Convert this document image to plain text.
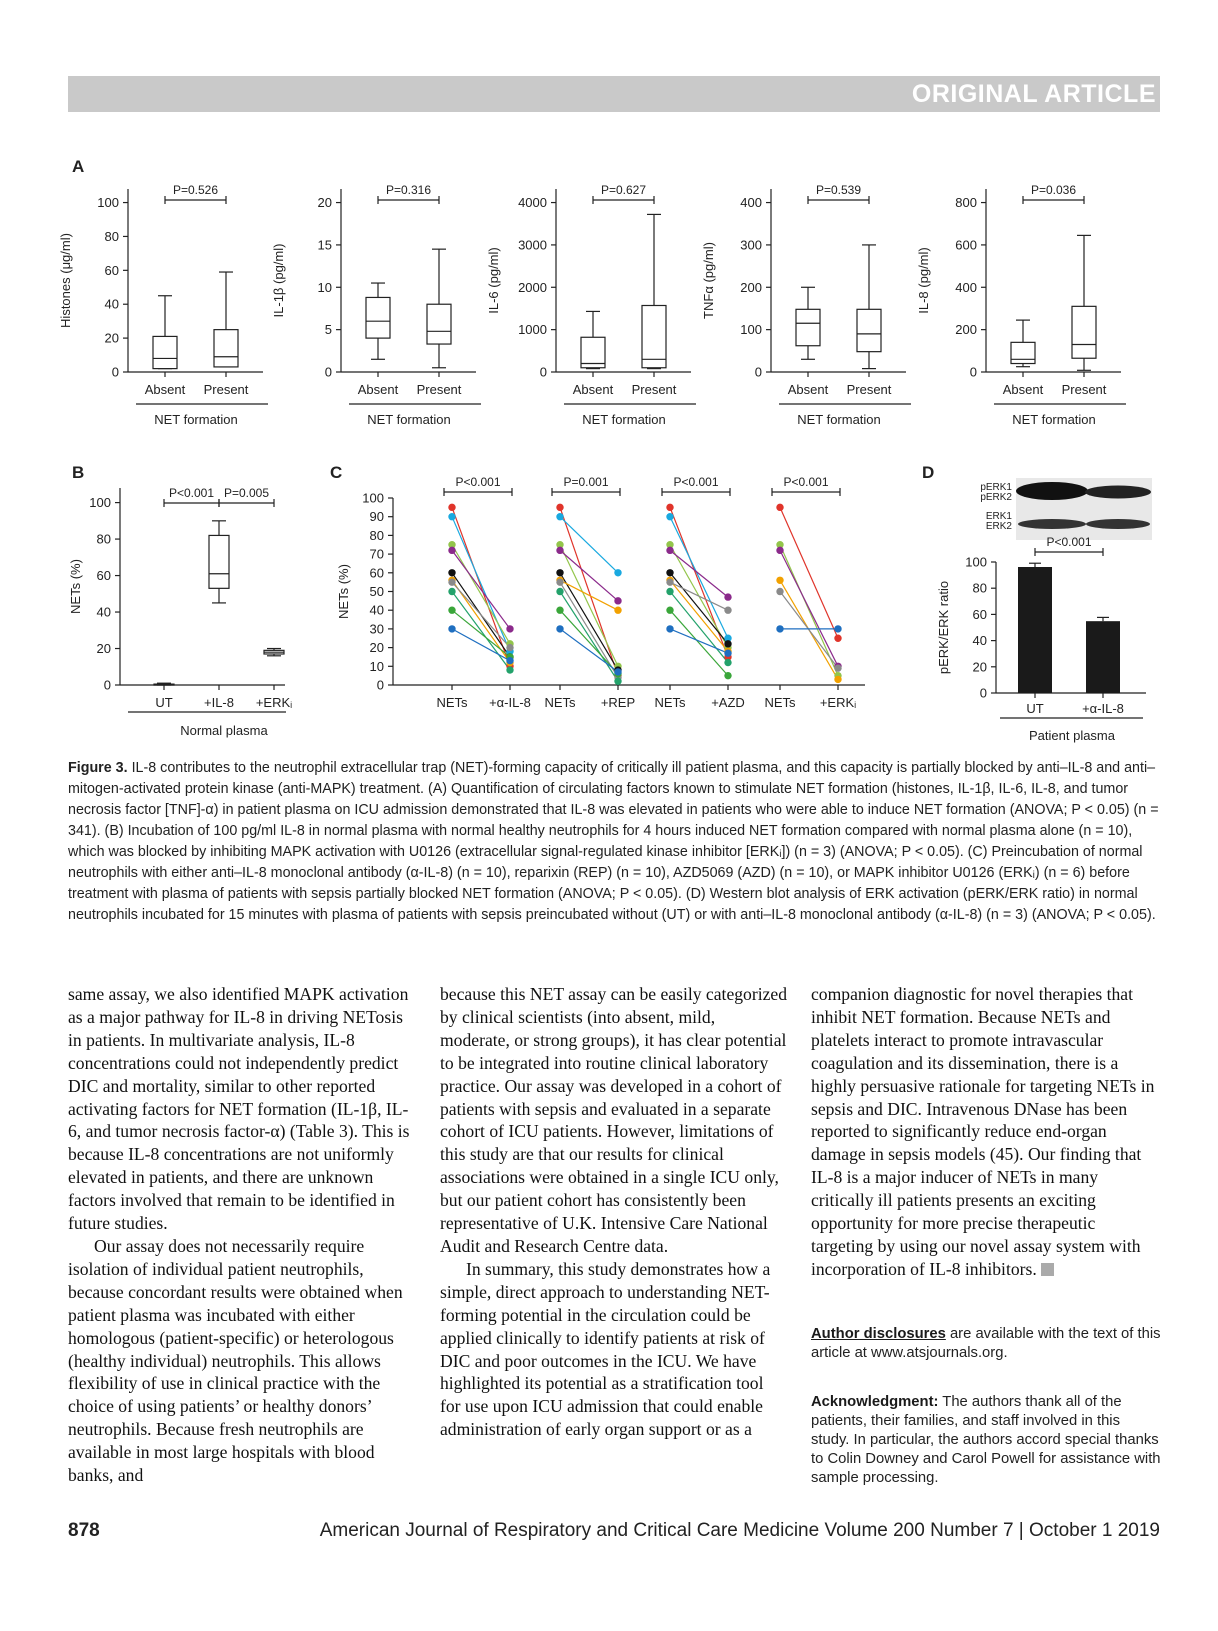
ORIGINAL ARTICLE
A
B	C	D
0
20
40
60
80
100
Histones (μg/ml)
Absent Present
P=0.526
NET formation
0
5
10
15
20
IL-1β (pg/ml)
Absent Present
P=0.316
NET formation
0
1000
2000
3000
4000
IL-6 (pg/ml)
Absent Present
P=0.627
NET formation
0
100
200
300
400
TNFα (pg/ml)
Absent Present
P=0.539
NET formation
0
200
400
600
800
IL-8 (pg/ml)
Absent Present
P=0.036
NET formation
0
20
40
60
80
100
NETs (%)
UT +IL-8 +ERKᵢ
P<0.001 P=0.005
Normal plasma
0
10
20
30
40
50
60
70
80
90
100
NETs (%)
NETs +α-IL-8 NETs +REP NETs +AZD NETs +ERKᵢ
P<0.001	P=0.001	P<0.001	P<0.001	pERK1
pERK2
ERK1
ERK2
0
20
40
60
80
100
pERK/ERK ratio
UT	+α-IL-8
P<0.001
Patient plasma
Figure 3. IL-8 contributes to the neutrophil extracellular trap (NET)-forming capacity of critically ill patient plasma, and this capacity is partially blocked by anti–IL-8 and anti–mitogen-activated protein kinase (anti-MAPK) treatment. (A) Quantification of circulating factors known to stimulate NET formation (histones, IL-1β, IL-6, IL-8, and tumor necrosis factor [TNF]-α) in patient plasma on ICU admission demonstrated that IL-8 was elevated in patients who were able to induce NET formation (ANOVA; P < 0.05) (n = 341). (B) Incubation of 100 pg/ml IL-8 in normal plasma with normal healthy neutrophils for 4 hours induced NET formation compared with normal plasma alone (n = 10), which was blocked by inhibiting MAPK activation with U0126 (extracellular signal-regulated kinase inhibitor [ERKᵢ]) (n = 3) (ANOVA; P < 0.05). (C) Preincubation of normal neutrophils with either anti–IL-8 monoclonal antibody (α-IL-8) (n = 10), reparixin (REP) (n = 10), AZD5069 (AZD) (n = 10), or MAPK inhibitor U0126 (ERKᵢ) (n = 6) before treatment with plasma of patients with sepsis partially blocked NET formation (ANOVA; P < 0.05). (D) Western blot analysis of ERK activation (pERK/ERK ratio) in normal neutrophils incubated for 15 minutes with plasma of patients with sepsis preincubated without (UT) or with anti–IL-8 monoclonal antibody (α-IL-8) (n = 3) (ANOVA; P < 0.05).

same assay, we also identified MAPK activation as a major pathway for IL-8 in driving NETosis in patients. In multivariate analysis, IL-8 concentrations could not independently predict DIC and mortality, similar to other reported activating factors for NET formation (IL-1β, IL-6, and tumor necrosis factor-α) (Table 3). This is because IL-8 concentrations are not uniformly elevated in patients, and there are unknown factors involved that remain to be identified in future studies.

Our assay does not necessarily require isolation of individual patient neutrophils, because concordant results were obtained when patient plasma was incubated with either homologous (patient-specific) or heterologous (healthy individual) neutrophils. This allows flexibility of use in clinical practice with the choice of using patients’ or healthy donors’ neutrophils. Because fresh neutrophils are available in most large hospitals with blood banks, and

because this NET assay can be easily categorized by clinical scientists (into absent, mild, moderate, or strong groups), it has clear potential to be integrated into routine clinical laboratory practice. Our assay was developed in a cohort of patients with sepsis and evaluated in a separate cohort of ICU patients. However, limitations of this study are that our results for clinical associations were obtained in a single ICU only, but our patient cohort has consistently been representative of U.K. Intensive Care National Audit and Research Centre data.

In summary, this study demonstrates how a simple, direct approach to understanding NET-forming potential in the circulation could be applied clinically to identify patients at risk of DIC and poor outcomes in the ICU. We have highlighted its potential as a stratification tool for use upon ICU admission that could enable administration of early organ support or as a

companion diagnostic for novel therapies that inhibit NET formation. Because NETs and platelets interact to promote intravascular coagulation and its dissemination, there is a highly persuasive rationale for targeting NETs in sepsis and DIC. Intravenous DNase has been reported to significantly reduce end-organ damage in sepsis models (45). Our finding that IL-8 is a major inducer of NETs in many critically ill patients presents an exciting opportunity for more precise therapeutic targeting by using our novel assay system with incorporation of IL-8 inhibitors.

Author disclosures are available with the text of this article at www.atsjournals.org.
Acknowledgment: The authors thank all of the patients, their families, and staff involved in this study. In particular, the authors accord special thanks to Colin Downey and Carol Powell for assistance with sample processing.
878	American Journal of Respiratory and Critical Care Medicine Volume 200 Number 7 | October 1 2019
